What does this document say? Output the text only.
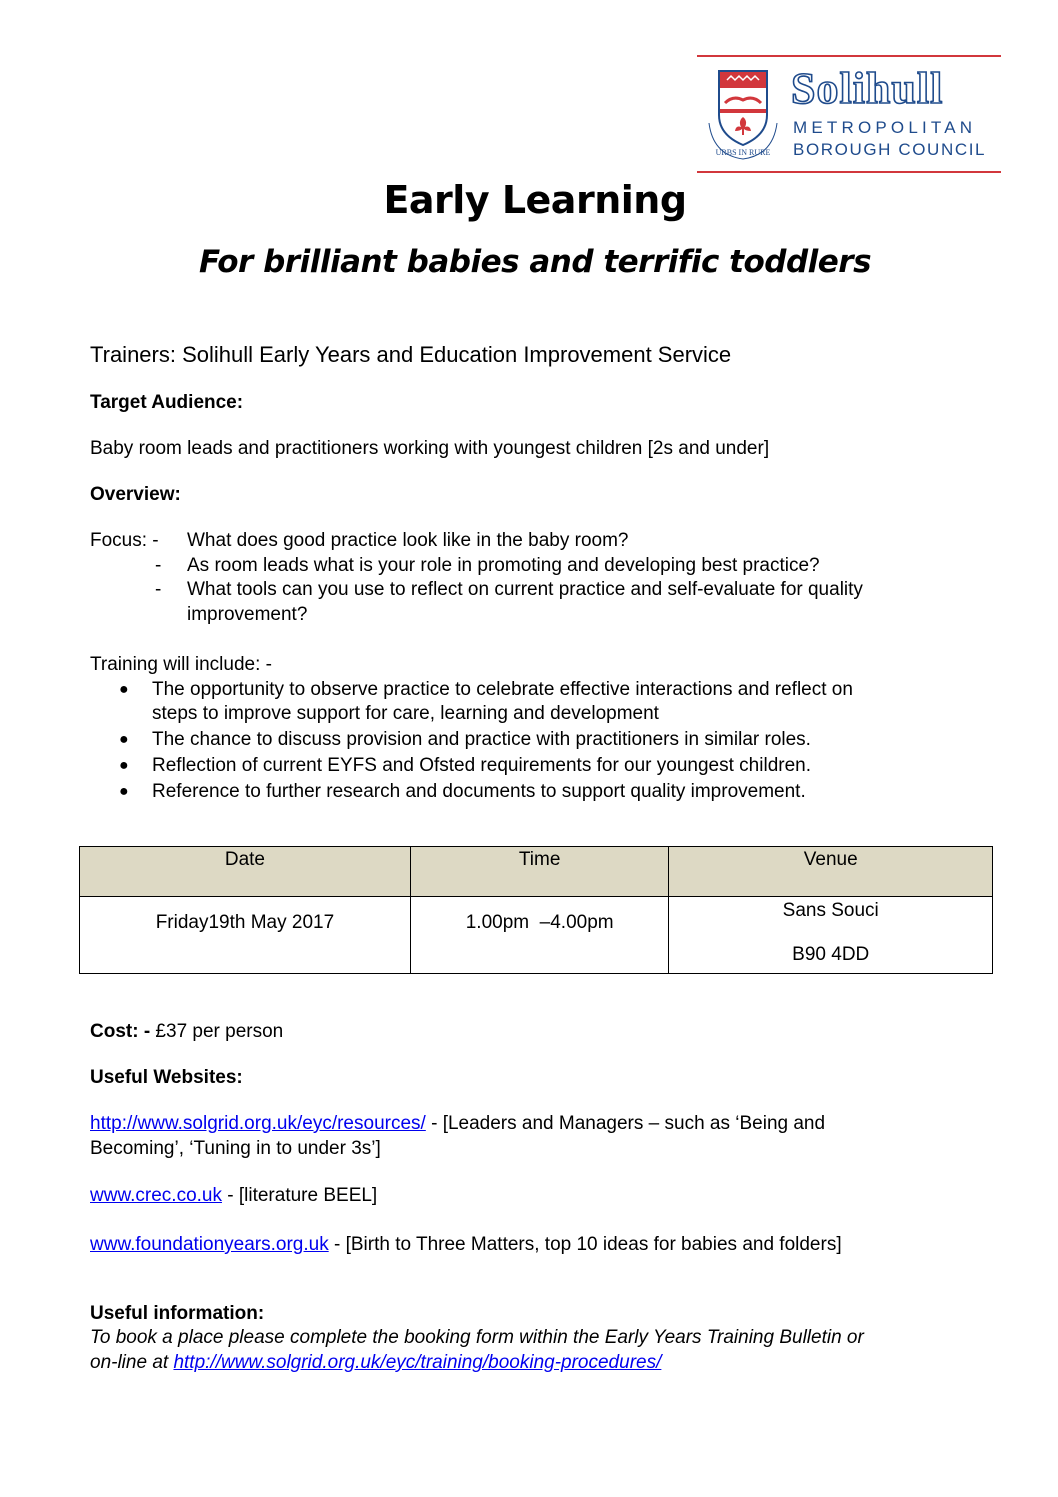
URBS IN RURE
Solihull
METROPOLITAN
BOROUGH COUNCIL
Early Learning
For brilliant babies and terrific toddlers
Trainers: Solihull Early Years and Education Improvement Service
Target Audience:
Baby room leads and practitioners working with youngest children [2s and under]
Overview:
Focus: - What does good practice look like in the baby room?
- As room leads what is your role in promoting and developing best practice?
- What tools can you use to reflect on current practice and self-evaluate for quality
improvement?
Training will include: -
● The opportunity to observe practice to celebrate effective interactions and reflect on
steps to improve support for care, learning and development
● The chance to discuss provision and practice with practitioners in similar roles.
● Reflection of current EYFS and Ofsted requirements for our youngest children.
● Reference to further research and documents to support quality improvement.
Date	Time	Venue

Friday19th May 2017	1.00pm  –4.00pm	Sans Souci
B90 4DD
Cost: - £37 per person
Useful Websites:
http://www.solgrid.org.uk/eyc/resources/ - [Leaders and Managers – such as ‘Being and
Becoming’, ‘Tuning in to under 3s’]
www.crec.co.uk - [literature BEEL]
www.foundationyears.org.uk - [Birth to Three Matters, top 10 ideas for babies and folders]
Useful information:
To book a place please complete the booking form within the Early Years Training Bulletin or
on-line at http://www.solgrid.org.uk/eyc/training/booking-procedures/
